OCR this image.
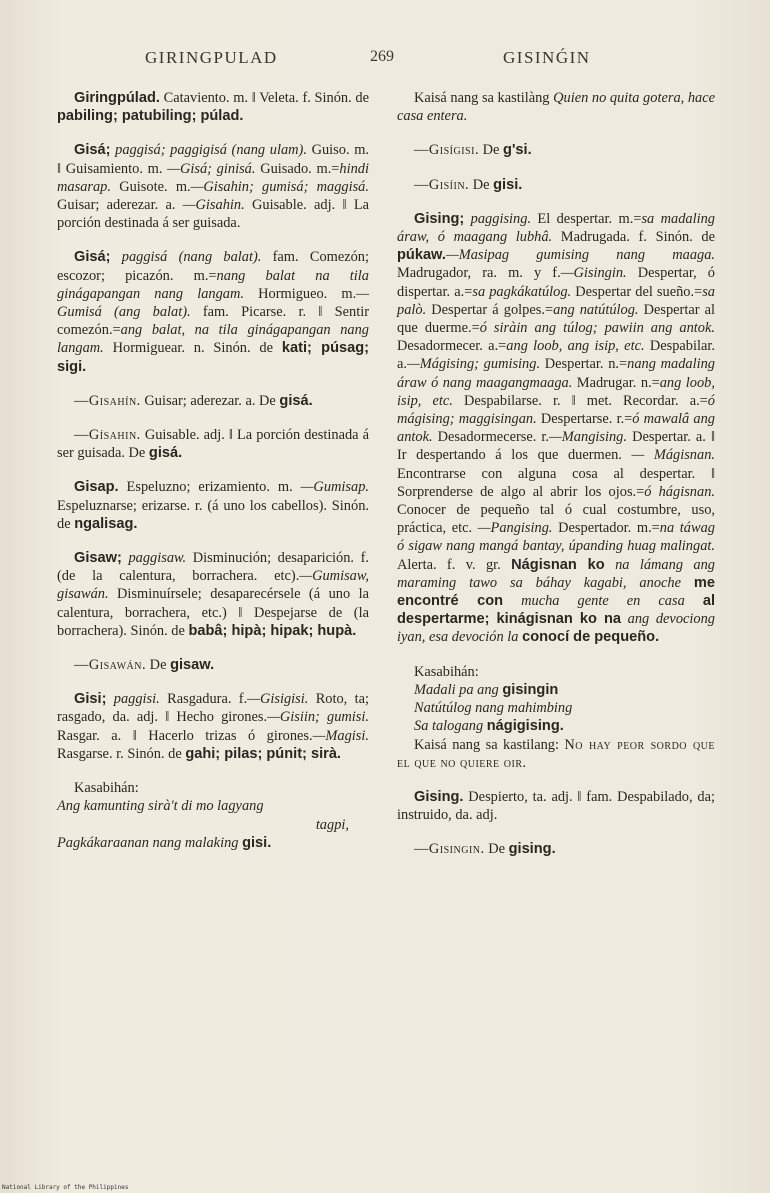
GIRINGPULAD	269	GISINǴIN

Giringpúlad. Cataviento. m. ‖ Veleta. f. Sinón. de pabiling; patubiling; púlad.

Gisá; paggisá; paggigisá (nang ulam). Guiso. m. ‖ Guisamiento. m. —Gisá; ginisá. Guisado. m.=hindi masarap. Guisote. m.—Gisahin; gumisá; maggisá. Guisar; aderezar. a. —Gisahin. Guisable. adj. ‖ La porción destinada á ser guisada.

Gisá; paggisá (nang balat). fam. Comezón; escozor; picazón. m.=nang balat na tila ginágapangan nang langam. Hormigueo. m.—Gumisá (ang balat). fam. Picarse. r. ‖ Sentir comezón.=ang balat, na tila ginágapangan nang langam. Hormiguear. n. Sinón. de kati; púsag; sigi.

—Gisahín. Guisar; aderezar. a. De gisá.

—Gísahin. Guisable. adj. ‖ La porción destinada á ser guisada. De gisá.

Gisap. Espeluzno; erizamiento. m. —Gumisap. Espeluznarse; erizarse. r. (á uno los cabellos). Sinón. de ngalisag.

Gisaw; paggisaw. Disminución; desaparición. f. (de la calentura, borrachera. etc).—Gumisaw, gisawán. Disminuírsele; desaparecérsele (á uno la calentura, borrachera, etc.) ‖ Despejarse de (la borrachera). Sinón. de babâ; hipà; hipak; hupà.

—Gisawán. De gisaw.

Gisi; paggisi. Rasgadura. f.—Gisigisi. Roto, ta; rasgado, da. adj. ‖ Hecho girones.—Gisiin; gumisi. Rasgar. a. ‖ Hacerlo trizas ó girones.—Magisi. Rasgarse. r. Sinón. de gahi; pilas; púnit; sirà.

Kasabihán:

Ang kamunting sirà't di mo lagyang

tagpi,

Pagkákaraanan nang malaking gisi.

Kaisá nang sa kastilàng Quien no quita gotera, hace casa entera.

—Gisígisi. De g'si.

—Gisíin. De gisi.

Gising; paggising. El despertar. m.=sa madaling áraw, ó maagang lubhâ. Madrugada. f. Sinón. de púkaw.—Masipag gumising nang maaga. Madrugador, ra. m. y f.—Gisingin. Despertar, ó dispertar. a.=sa pagkákatúlog. Despertar del sueño.=sa palò. Despertar á golpes.=ang natútúlog. Despertar al que duerme.=ó siràin ang túlog; pawiin ang antok. Desadormecer. a.=ang loob, ang isip, etc. Despabilar. a.—Mágising; gumising. Despertar. n.=nang madaling áraw ó nang maagangmaaga. Madrugar. n.=ang loob, isip, etc. Despabilarse. r. ‖ met. Recordar. a.=ó mágising; maggisingan. Despertarse. r.=ó mawalâ ang antok. Desadormecerse. r.—Mangising. Despertar. a. ‖ Ir despertando á los que duermen. — Mágisnan. Encontrarse con alguna cosa al despertar. ‖ Sorprenderse de algo al abrir los ojos.=ó hágisnan. Conocer de pequeño tal ó cual costumbre, uso, práctica, etc. —Pangising. Despertador. m.=na táwag ó sigaw nang mangá bantay, úpanding huag malingat. Alerta. f. v. gr. Nágisnan ko na lámang ang maraming tawo sa báhay kagabi, anoche me encontré con mucha gente en casa al despertarme; kinágisnan ko na ang devociong iyan, esa devoción la conocí de pequeño.

Kasabihán:

Madali pa ang gisingin

Natútúlog nang mahimbing

Sa talogang nágigising.

Kaisá nang sa kastilang: No hay peor sordo que el que no quiere oir.

Gising. Despierto, ta. adj. ‖ fam. Despabilado, da; instruido, da. adj.

—Gisingin. De gising.

National Library of the Philippines
